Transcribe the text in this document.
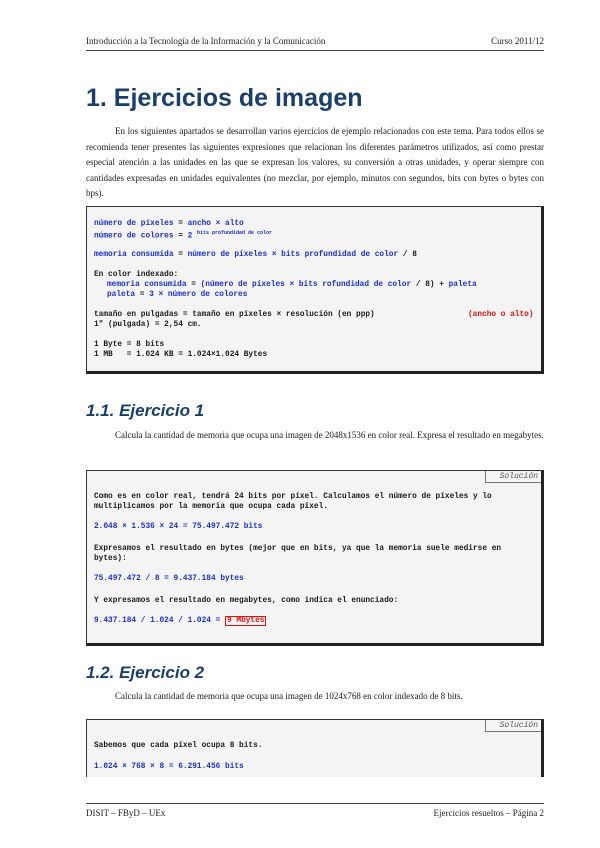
Introducción a la Tecnología de la Información y la Comunicación	Curso 2011/12
1. Ejercicios de imagen

En los siguientes apartados se desarrollan varios ejercicios de ejemplo relacionados con este tema. Para todos ellos se recomienda tener presentes las siguientes expresiones que relacionan los diferentes parámetros utilizados, así como prestar especial atención a las unidades en las que se expresan los valores, su conversión a otras unidades, y operar siempre con cantidades expresadas en unidades equivalentes (no mezclar, por ejemplo, minutos con segundos, bits con bytes o bytes con bps).

número de píxeles = ancho × alto
número de colores = 2 $^{bits profundidad de color}$
memoria consumida = número de píxeles × bits profundidad de color / 8
En color indexado:
memoria consumida = (número de píxeles × bits rofundidad de color / 8) + paleta
paleta = 3 × número de colores
tamaño en pulgadas = tamaño en píxeles × resolución (en ppp)	(ancho o alto)
1" (pulgada) = 2,54 cm.
1 Byte = 8 bits
1 MB   = 1.024 KB = 1.024×1.024 Bytes
1.1. Ejercicio 1

Calcula la cantidad de memoria que ocupa una imagen de 2048x1536 en color real. Expresa el resultado en megabytes.

Solución
Como es en color real, tendrá 24 bits por píxel. Calculamos el número de píxeles y lo
multiplicamos por la memoria que ocupa cada píxel.
2.048 × 1.536 × 24 = 75.497.472 bits
Expresamos el resultado en bytes (mejor que en bits, ya que la memoria suele medirse en
bytes):
75.497.472 / 8 = 9.437.184 bytes
Y expresamos el resultado en megabytes, como indica el enunciado:
9.437.184 / 1.024 / 1.024 = 9 Mbytes
1.2. Ejercicio 2

Calcula la cantidad de memoria que ocupa una imagen de 1024x768 en color indexado de 8 bits.

Solución
Sabemos que cada píxel ocupa 8 bits.
1.024 × 768 × 8 = 6.291.456 bits
DISIT – FByD – UEx	Ejercicios resueltos – Página 2
